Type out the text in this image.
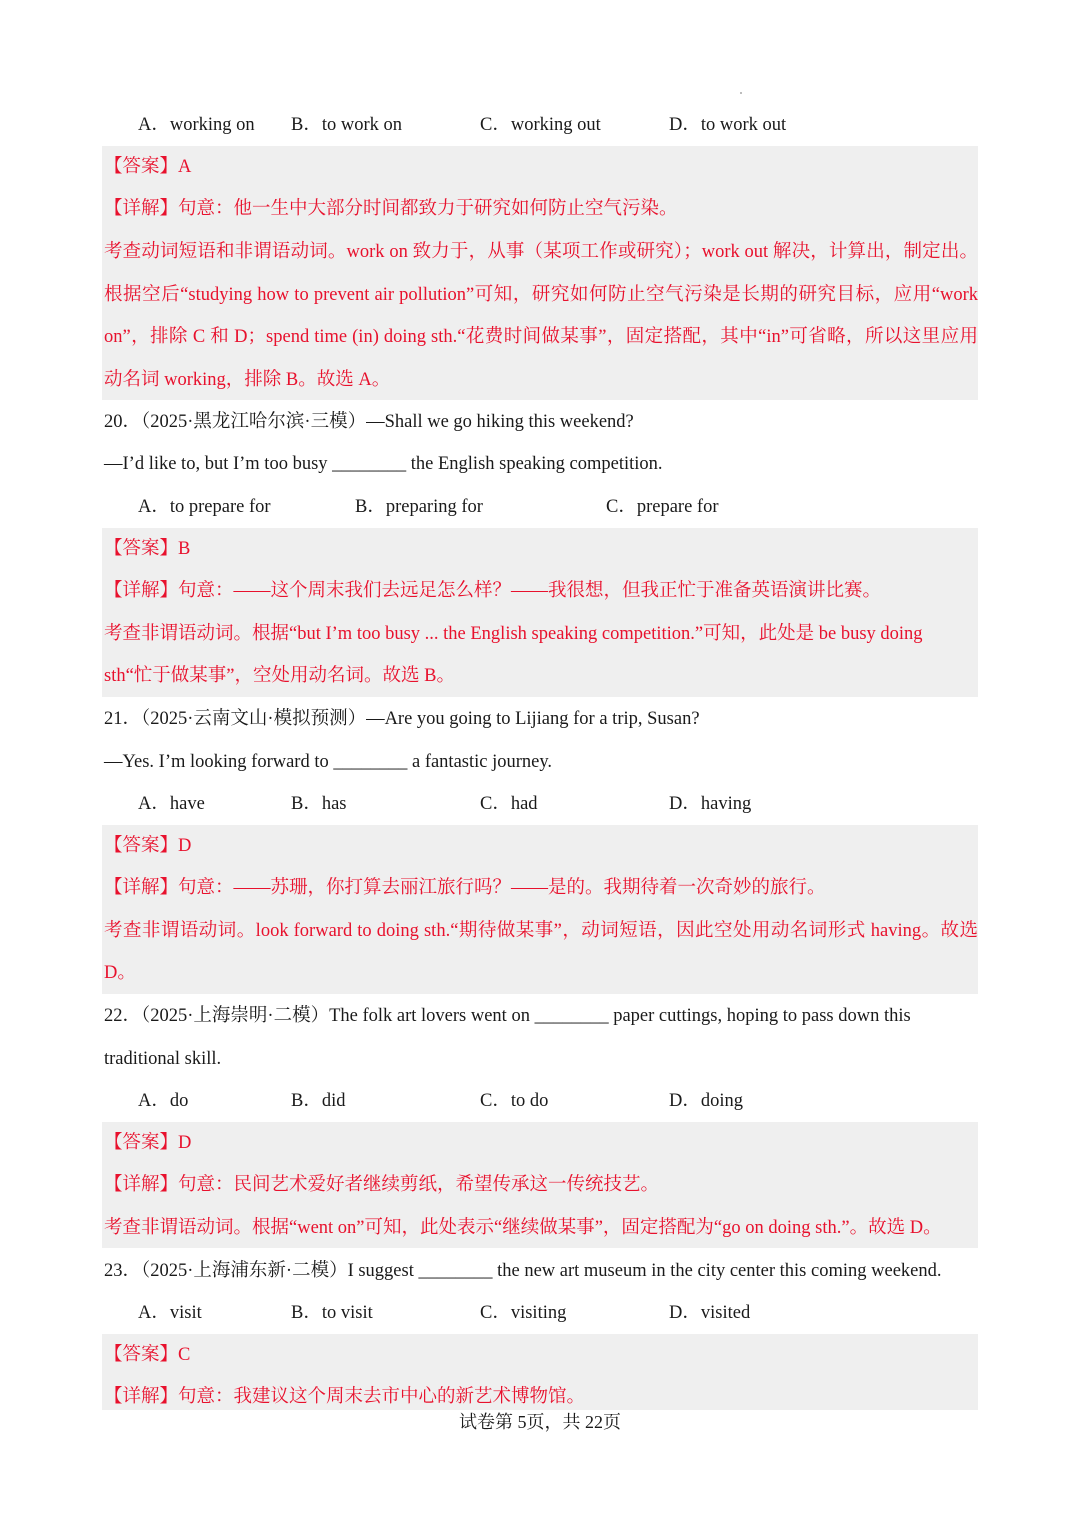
A．working on B．to work on	C．working out	D．to work out
【答案】A
【详解】句意：他一生中大部分时间都致力于研究如何防止空气污染。
考查动词短语和非谓语动词。work on 致力于，从事（某项工作或研究）；work out 解决，计算出，制定出。
根据空后“studying how to prevent air pollution”可知，研究如何防止空气污染是长期的研究目标，应用“work
on”，排除 C 和 D；spend time (in) doing sth.“花费时间做某事”，固定搭配，其中“in”可省略，所以这里应用
动名词 working，排除 B。故选 A。
20．（2025·黑龙江哈尔滨·三模）—Shall we go hiking this weekend?
—I’d like to, but I’m too busy ________ the English speaking competition.
A．to prepare for	B．preparing for	C．prepare for
【答案】B
【详解】句意：——这个周末我们去远足怎么样？——我很想，但我正忙于准备英语演讲比赛。
考查非谓语动词。根据“but I’m too busy ... the English speaking competition.”可知，此处是 be busy doing
sth“忙于做某事”，空处用动名词。故选 B。
21．（2025·云南文山·模拟预测）—Are you going to Lijiang for a trip, Susan?
—Yes. I’m looking forward to ________ a fantastic journey.
A．have	B．has	C．had	D．having
【答案】D
【详解】句意：——苏珊，你打算去丽江旅行吗？——是的。我期待着一次奇妙的旅行。
考查非谓语动词。look forward to doing sth.“期待做某事”，动词短语，因此空处用动名词形式 having。故选
D。
22．（2025·上海崇明·二模）The folk art lovers went on ________ paper cuttings, hoping to pass down this
traditional skill.
A．do	B．did	C．to do	D．doing
【答案】D
【详解】句意：民间艺术爱好者继续剪纸，希望传承这一传统技艺。
考查非谓语动词。根据“went on”可知，此处表示“继续做某事”，固定搭配为“go on doing sth.”。故选 D。
23．（2025·上海浦东新·二模）I suggest ________ the new art museum in the city center this coming weekend.
A．visit	B．to visit	C．visiting	D．visited
【答案】C
【详解】句意：我建议这个周末去市中心的新艺术博物馆。
试卷第 5页，共 22页
